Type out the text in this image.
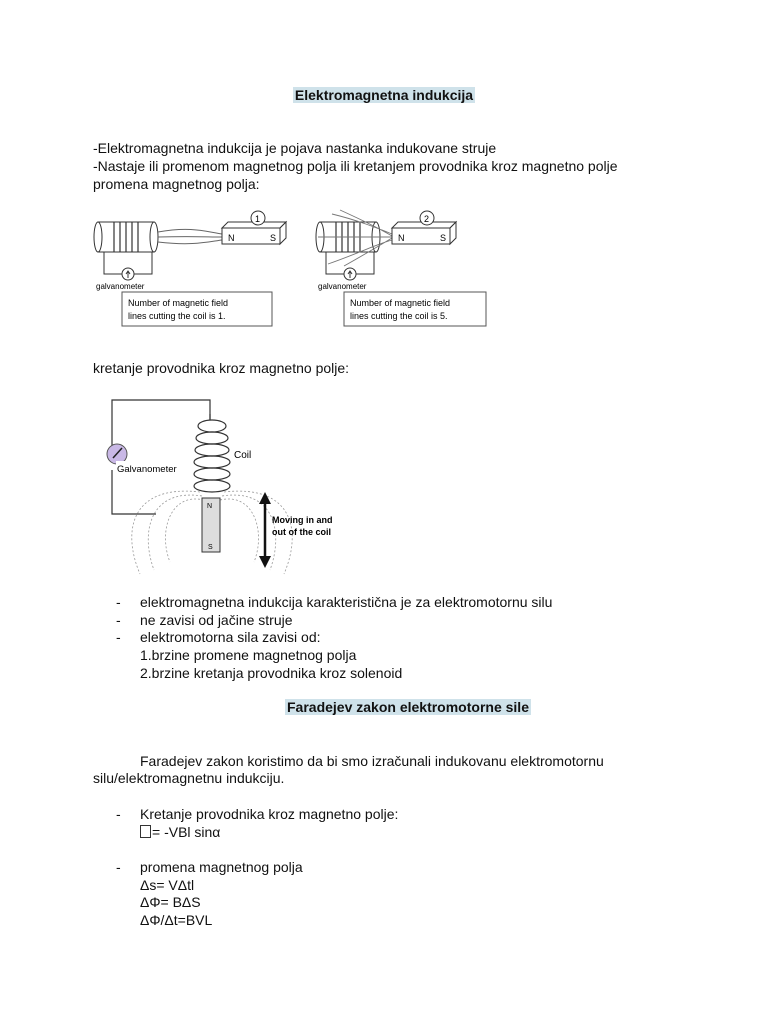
Elektromagnetna indukcija
-Elektromagnetna indukcija je pojava nastanka indukovane struje
-Nastaje ili promenom magnetnog polja ili kretanjem provodnika kroz magnetno polje
promena magnetnog polja:
N	S
1
galvanometer
Number of magnetic field
lines cutting the coil is 1.
N	S
2
galvanometer
Number of magnetic field
lines cutting the coil is 5.
kretanje provodnika kroz magnetno polje:
Galvanometer
Coil
N
S
Moving in and
out of the coil
- elektromagnetna indukcija karakteristična je za elektromotornu silu
- ne zavisi od jačine struje
- elektromotorna sila zavisi od:
1.brzine promene magnetnog polja
2.brzine kretanja provodnika kroz solenoid
Faradejev zakon elektromotorne sile
Faradejev zakon koristimo da bi smo izračunali indukovanu elektromotornu
silu/elektromagnetnu indukciju.
- Kretanje provodnika kroz magnetno polje:
= -VBl sinα
- promena magnetnog polja
Δs= VΔtl
ΔΦ= BΔS
ΔΦ/Δt=BVL
